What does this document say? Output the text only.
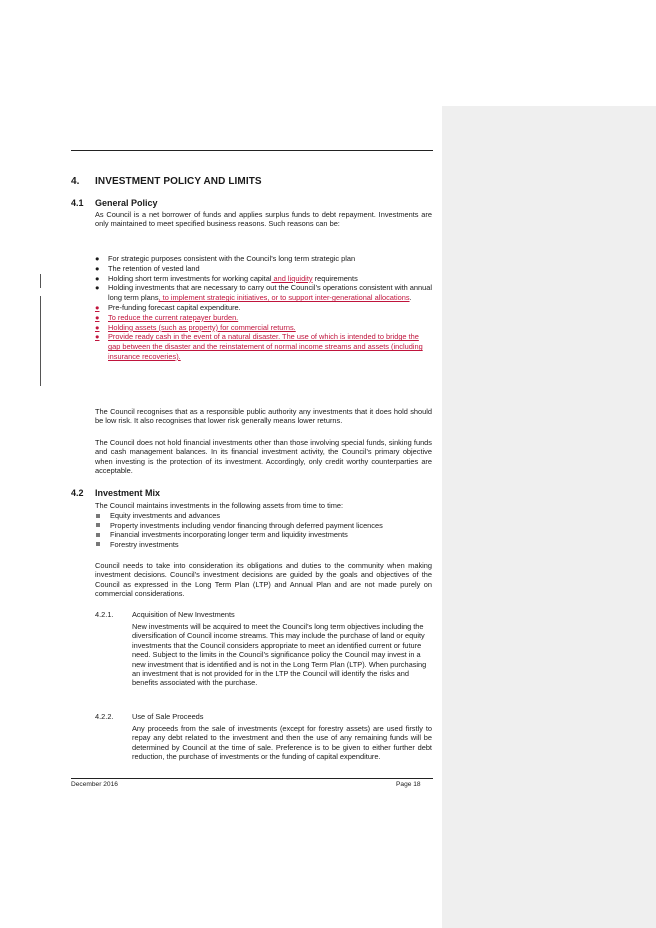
4. INVESTMENT POLICY AND LIMITS
4.1 General Policy
As Council is a net borrower of funds and applies surplus funds to debt repayment. Investments are only maintained to meet specified business reasons. Such reasons can be:
●	For strategic purposes consistent with the Council’s long term strategic plan
●	The retention of vested land
●	Holding short term investments for working capital and liquidity requirements
●	Holding investments that are necessary to carry out the Council’s operations consistent with annual long term plans, to implement strategic initiatives, or to support inter-generational allocations.
●	Pre-funding forecast capital expenditure.
●	To reduce the current ratepayer burden.
●	Holding assets (such as property) for commercial returns.
●	Provide ready cash in the event of a natural disaster. The use of which is intended to bridge the gap between the disaster and the reinstatement of normal income streams and assets (including insurance recoveries).
The Council recognises that as a responsible public authority any investments that it does hold should be low risk. It also recognises that lower risk generally means lower returns.
The Council does not hold financial investments other than those involving special funds, sinking funds and cash management balances. In its financial investment activity, the Council’s primary objective when investing is the protection of its investment. Accordingly, only credit worthy counterparties are acceptable.
4.2 Investment Mix
The Council maintains investments in the following assets from time to time:
Equity investments and advances
Property investments including vendor financing through deferred payment licences
Financial investments incorporating longer term and liquidity investments
Forestry investments
Council needs to take into consideration its obligations and duties to the community when making investment decisions. Council’s investment decisions are guided by the goals and objectives of the Council as expressed in the Long Term Plan (LTP) and Annual Plan and are not made purely on commercial considerations.
4.2.1.	Acquisition of New Investments
New investments will be acquired to meet the Council’s long term objectives including the diversification of Council income streams. This may include the purchase of land or equity investments that the Council considers appropriate to meet an identified current or future need. Subject to the limits in the Council’s significance policy the Council may invest in a new investment that is identified and is not in the Long Term Plan (LTP). When purchasing an investment that is not provided for in the LTP the Council will identify the risks and benefits associated with the purchase.
4.2.2.	Use of Sale Proceeds
Any proceeds from the sale of investments (except for forestry assets) are used firstly to repay any debt related to the investment and then the use of any remaining funds will be determined by Council at the time of sale. Preference is to be given to either further debt reduction, the purchase of investments or the funding of capital expenditure.
December 2016	Page 18
